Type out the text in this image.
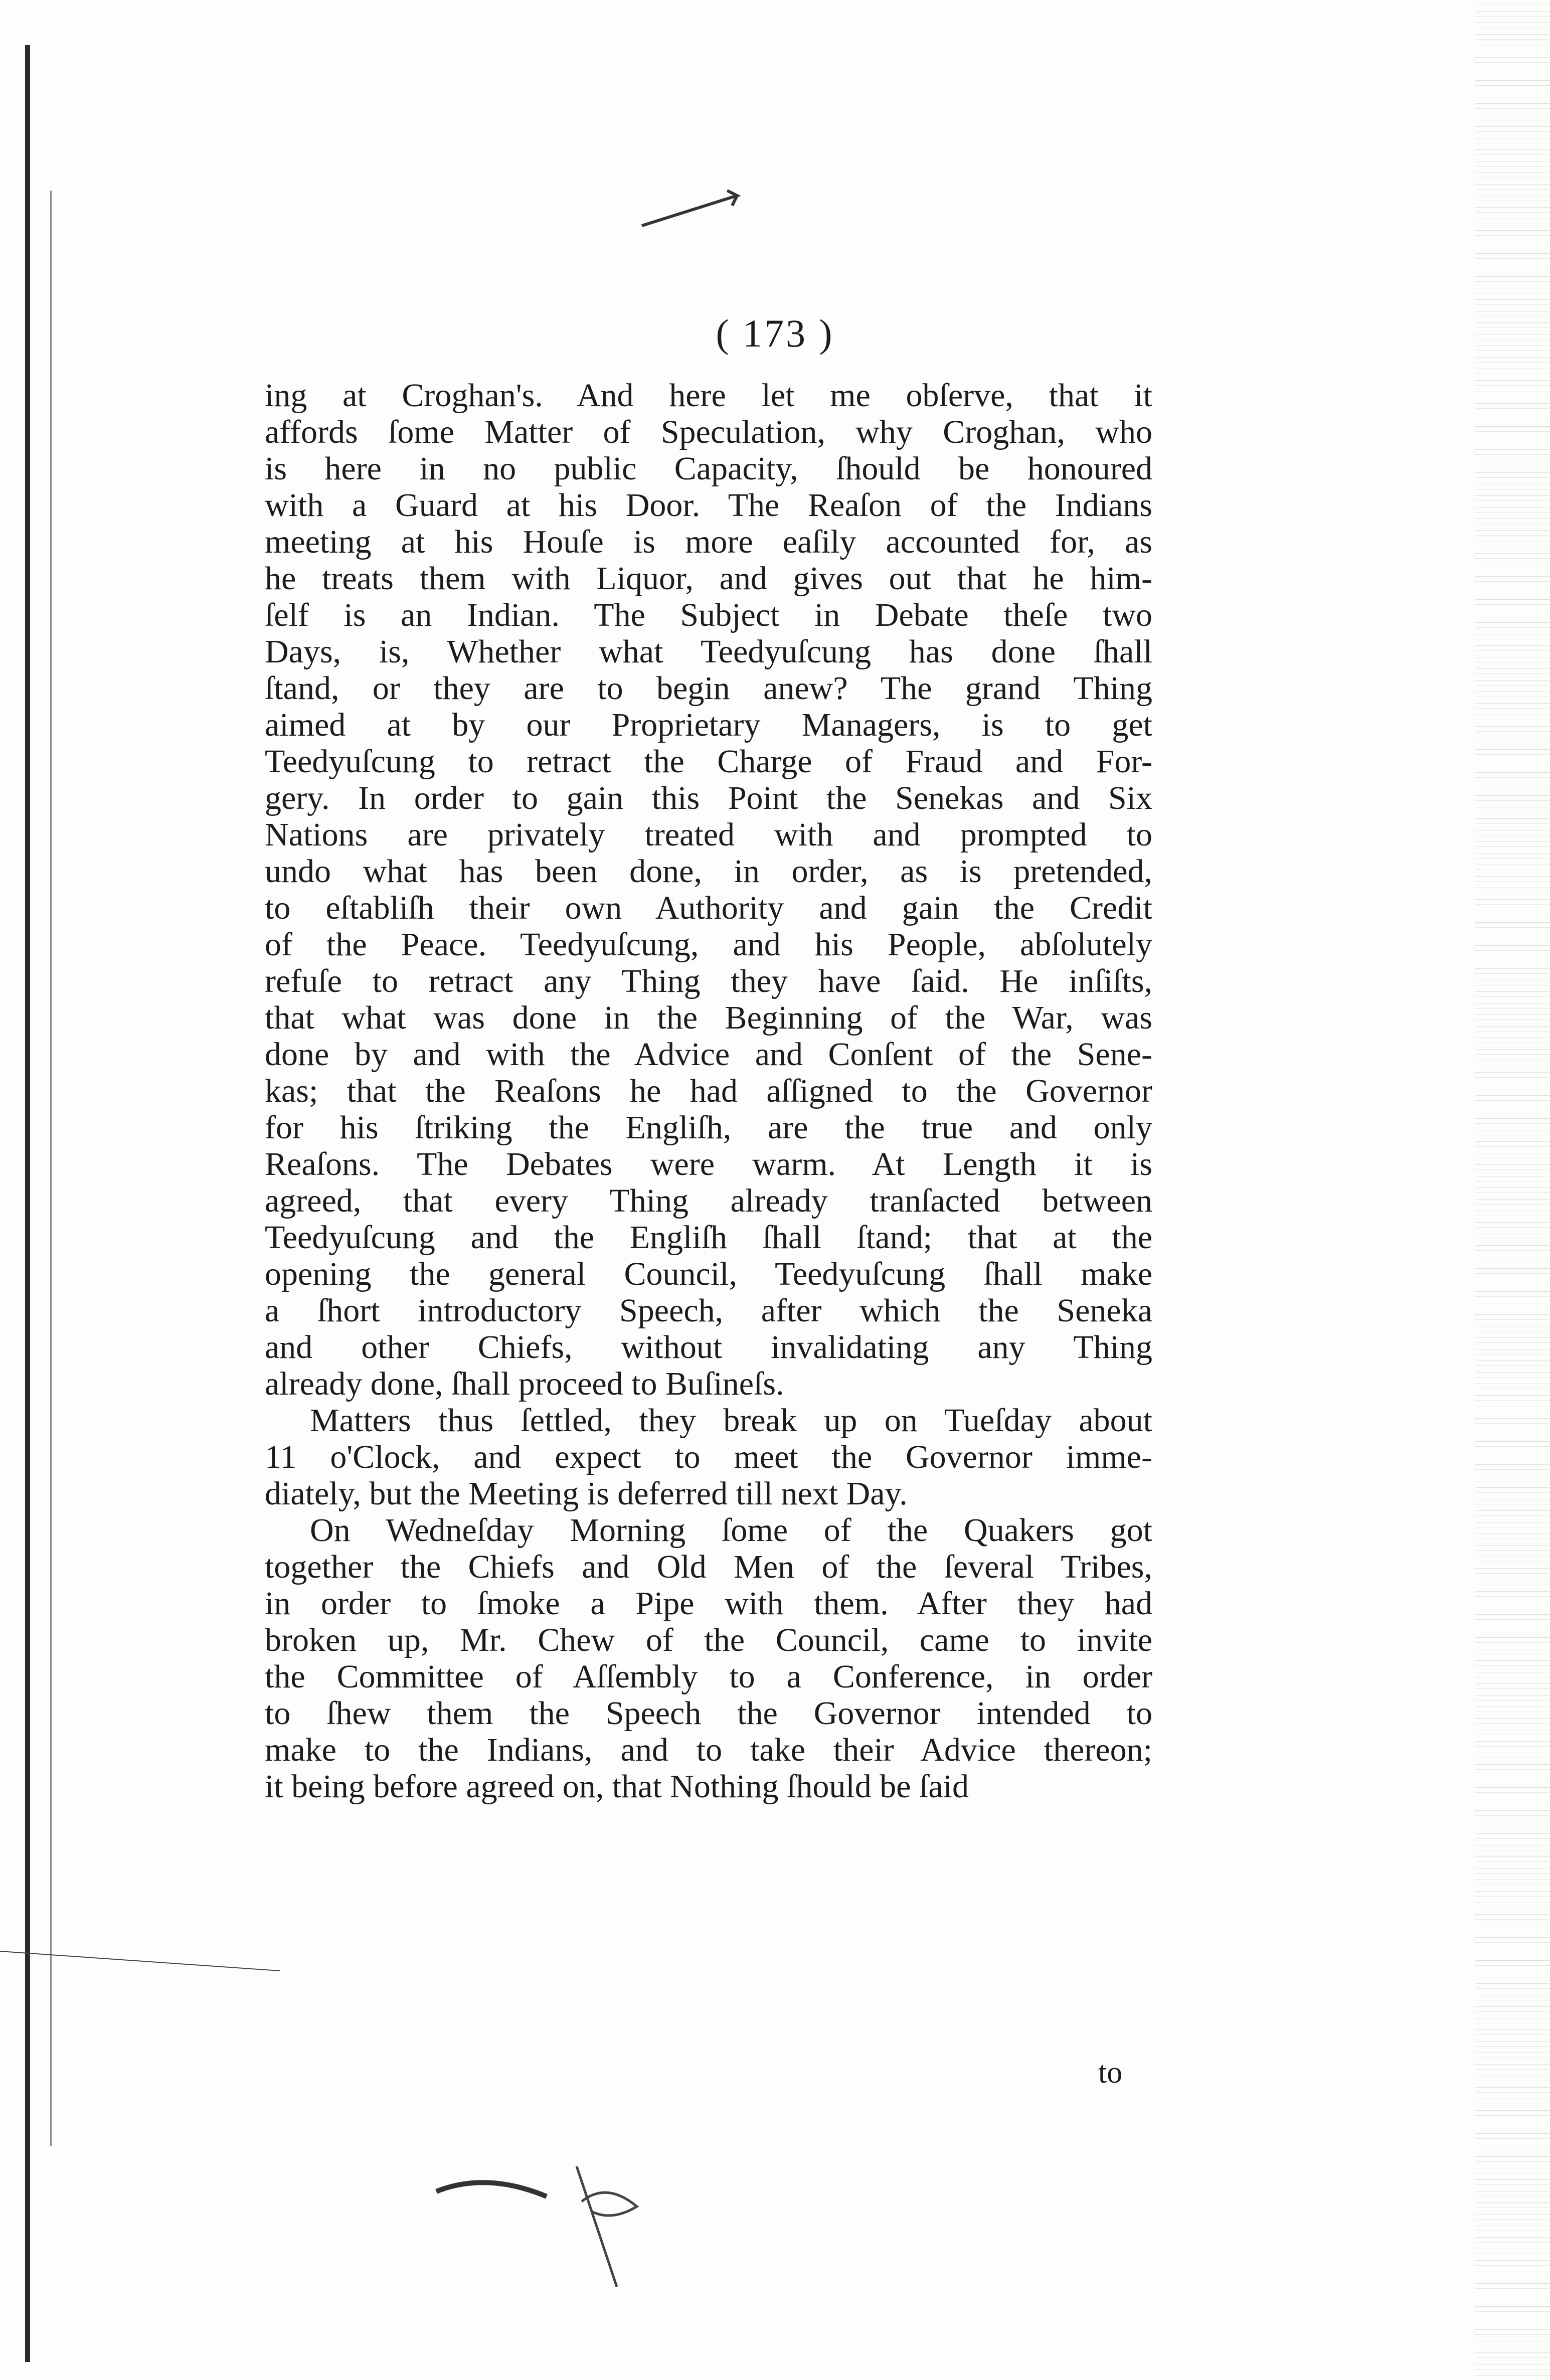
( 173 )
ing at Croghan's. And here let me obſerve, that it
affords ſome Matter of Speculation, why Croghan, who
is here in no public Capacity, ſhould be honoured
with a Guard at his Door. The Reaſon of the Indians
meeting at his Houſe is more eaſily accounted for, as
he treats them with Liquor, and gives out that he him-
ſelf is an Indian. The Subject in Debate theſe two
Days, is, Whether what Teedyuſcung has done ſhall
ſtand, or they are to begin anew? The grand Thing
aimed at by our Proprietary Managers, is to get
Teedyuſcung to retract the Charge of Fraud and For-
gery. In order to gain this Point the Senekas and Six
Nations are privately treated with and prompted to
undo what has been done, in order, as is pretended,
to eſtabliſh their own Authority and gain the Credit
of the Peace. Teedyuſcung, and his People, abſolutely
refuſe to retract any Thing they have ſaid. He inſiſts,
that what was done in the Beginning of the War, was
done by and with the Advice and Conſent of the Sene-
kas; that the Reaſons he had aſſigned to the Governor
for his ſtriking the Engliſh, are the true and only
Reaſons. The Debates were warm. At Length it is
agreed, that every Thing already tranſacted between
Teedyuſcung and the Engliſh ſhall ſtand; that at the
opening the general Council, Teedyuſcung ſhall make
a ſhort introductory Speech, after which the Seneka
and other Chiefs, without invalidating any Thing
already done, ſhall proceed to Buſineſs.
Matters thus ſettled, they break up on Tueſday about
11 o'Clock, and expect to meet the Governor imme-
diately, but the Meeting is deferred till next Day.
On Wedneſday Morning ſome of the Quakers got
together the Chiefs and Old Men of the ſeveral Tribes,
in order to ſmoke a Pipe with them. After they had
broken up, Mr. Chew of the Council, came to invite
the Committee of Aſſembly to a Conference, in order
to ſhew them the Speech the Governor intended to
make to the Indians, and to take their Advice thereon;
it being before agreed on, that Nothing ſhould be ſaid
to
